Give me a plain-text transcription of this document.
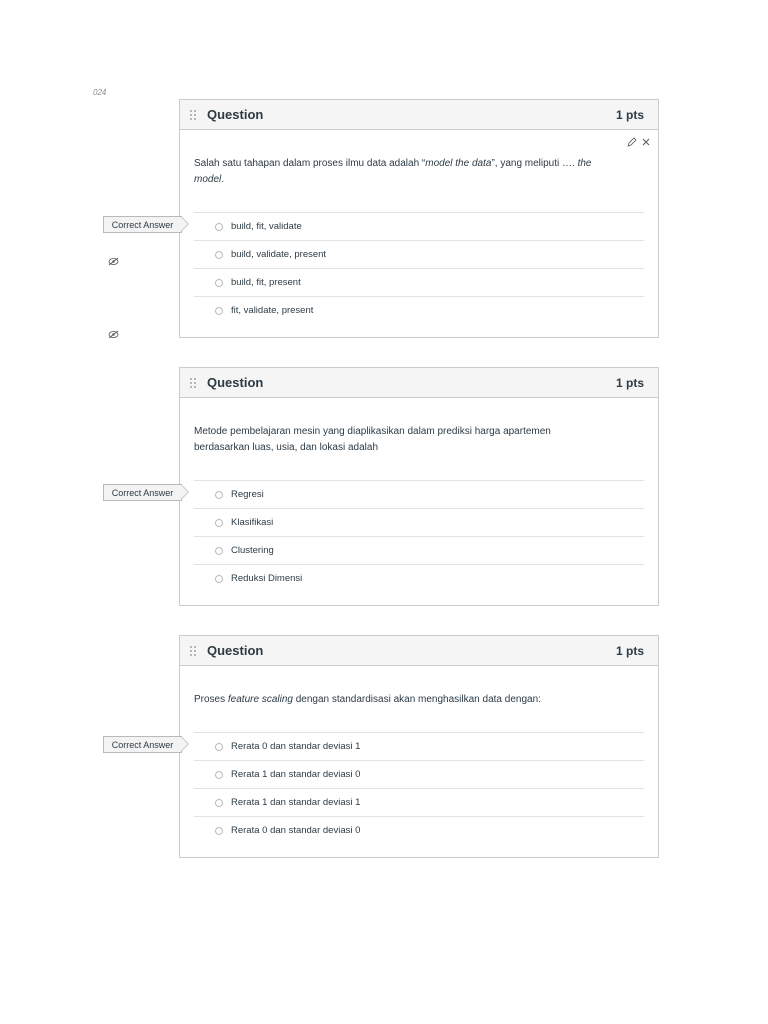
024
Question	1 pts
Salah satu tahapan dalam proses ilmu data adalah “model the data”, yang meliputi …. the model.
build, fit, validate
build, validate, present
build, fit, present
fit, validate, present
Correct Answer
Question	1 pts
Metode pembelajaran mesin yang diaplikasikan dalam prediksi harga apartemen berdasarkan luas, usia, dan lokasi adalah
Regresi
Klasifikasi
Clustering
Reduksi Dimensi
Correct Answer
Question	1 pts
Proses feature scaling dengan standardisasi akan menghasilkan data dengan:
Rerata 0 dan standar deviasi 1
Rerata 1 dan standar deviasi 0
Rerata 1 dan standar deviasi 1
Rerata 0 dan standar deviasi 0
Correct Answer
